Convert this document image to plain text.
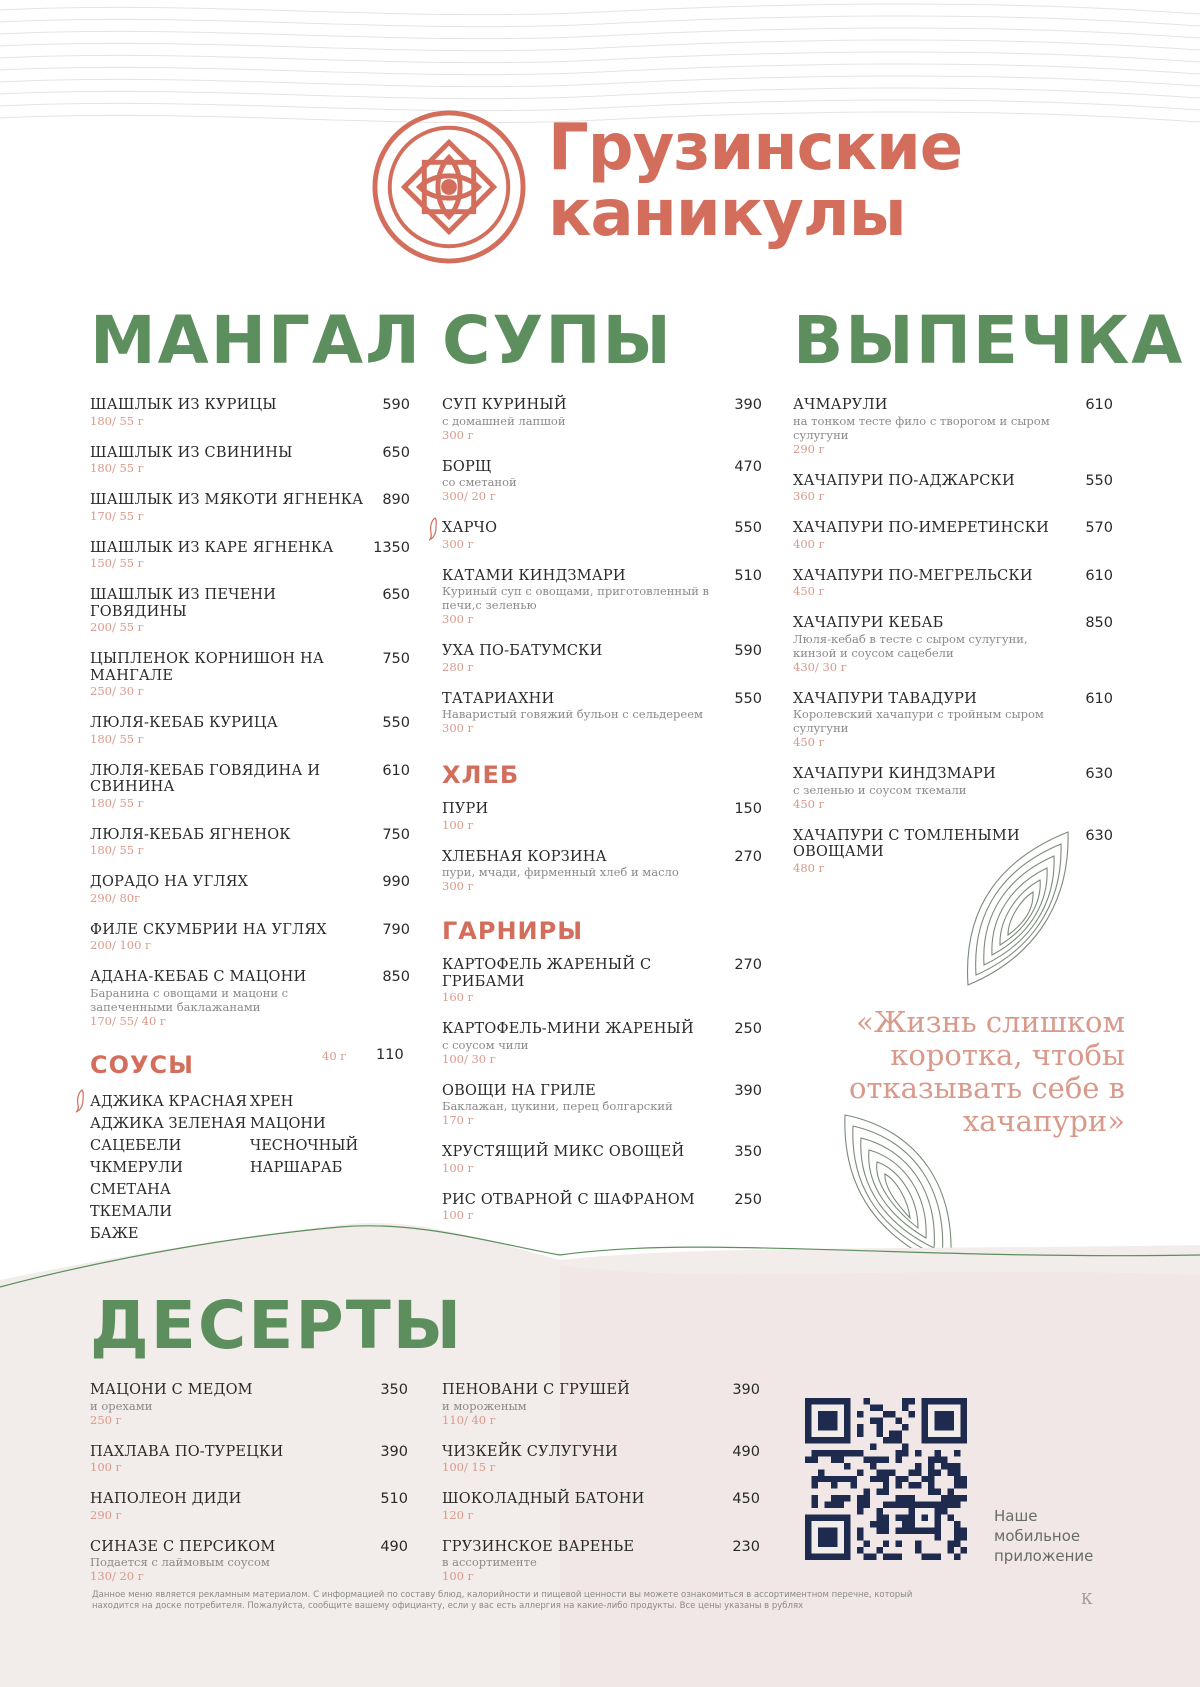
Грузинские
каникулы
МАНГАЛ
ШАШЛЫК ИЗ КУРИЦЫ
180/ 55 г
590
ШАШЛЫК ИЗ СВИНИНЫ
180/ 55 г
650
ШАШЛЫК ИЗ МЯКОТИ ЯГНЕНКА
170/ 55 г
890
ШАШЛЫК ИЗ КАРЕ ЯГНЕНКА
150/ 55 г
1350
ШАШЛЫК ИЗ ПЕЧЕНИ ГОВЯДИНЫ
200/ 55 г
650
ЦЫПЛЕНОК КОРНИШОН НА МАНГАЛЕ
250/ 30 г
750
ЛЮЛЯ-КЕБАБ КУРИЦА
180/ 55 г
550
ЛЮЛЯ-КЕБАБ ГОВЯДИНА И СВИНИНА
180/ 55 г
610
ЛЮЛЯ-КЕБАБ ЯГНЕНОК
180/ 55 г
750
ДОРАДО НА УГЛЯХ
290/ 80г
990
ФИЛЕ СКУМБРИИ НА УГЛЯХ
200/ 100 г
790
АДАНА-КЕБАБ С МАЦОНИ
Баранина с овощами и мацони с запеченными баклажанами
170/ 55/ 40 г
850
СОУСЫ	40 г 110
АДЖИКА КРАСНАЯ
АДЖИКА ЗЕЛЕНАЯ
САЦЕБЕЛИ
ЧКМЕРУЛИ
СМЕТАНА
ТКЕМАЛИ
БАЖЕ
ХРЕН
МАЦОНИ
ЧЕСНОЧНЫЙ
НАРШАРАБ
СУПЫ
СУП КУРИНЫЙ
с домашней лапшой
300 г
390
БОРЩ
со сметаной
300/ 20 г
470
ХАРЧО
300 г
550
КАТАМИ КИНДЗМАРИ
Куриный суп с овощами, приготовленный в печи,с зеленью
300 г
510
УХА ПО-БАТУМСКИ
280 г
590
ТАТАРИАХНИ
Наваристый говяжий бульон с сельдереем
300 г
550
ХЛЕБ
ПУРИ
100 г
150
ХЛЕБНАЯ КОРЗИНА
пури, мчади, фирменный хлеб и масло
300 г
270
ГАРНИРЫ
КАРТОФЕЛЬ ЖАРЕНЫЙ С ГРИБАМИ
160 г
270
КАРТОФЕЛЬ-МИНИ ЖАРЕНЫЙ
с соусом чили
100/ 30 г
250
ОВОЩИ НА ГРИЛЕ
Баклажан, цукини, перец болгарский
170 г
390
ХРУСТЯЩИЙ МИКС ОВОЩЕЙ
100 г
350
РИС ОТВАРНОЙ С ШАФРАНОМ
100 г
250
ВЫПЕЧКА
АЧМАРУЛИ
на тонком тесте фило с творогом и сыром сулугуни
290 г
610
ХАЧАПУРИ ПО-АДЖАРСКИ
360 г
550
ХАЧАПУРИ ПО-ИМЕРЕТИНСКИ
400 г
570
ХАЧАПУРИ ПО-МЕГРЕЛЬСКИ
450 г
610
ХАЧАПУРИ КЕБАБ
Люля-кебаб в тесте с сыром сулугуни, кинзой и соусом сацебели
430/ 30 г
850
ХАЧАПУРИ ТАВАДУРИ
Королевский хачапури с тройным сыром сулугуни
450 г
610
ХАЧАПУРИ КИНДЗМАРИ
с зеленью и соусом ткемали
450 г
630
ХАЧАПУРИ С ТОМЛЕНЫМИ ОВОЩАМИ
480 г
630
«Жизнь слишком коротка, чтобы отказывать себе в хачапури»
ДЕСЕРТЫ
МАЦОНИ С МЕДОМ
и орехами
250 г
350
ПАХЛАВА ПО-ТУРЕЦКИ
100 г
390
НАПОЛЕОН ДИДИ
290 г
510
СИНАЗЕ С ПЕРСИКОМ
Подается с лаймовым соусом
130/ 20 г
490
ПЕНОВАНИ С ГРУШЕЙ
и мороженым
110/ 40 г
390
ЧИЗКЕЙК СУЛУГУНИ
100/ 15 г
490
ШОКОЛАДНЫЙ БАТОНИ
120 г
450
ГРУЗИНСКОЕ ВАРЕНЬЕ
в ассортименте
100 г
230
Наше мобильное приложение
Данное меню является рекламным материалом. С информацией по составу блюд, калорийности и пищевой ценности вы можете ознакомиться в ассортиментном перечне, который находится на доске потребителя. Пожалуйста, сообщите вашему официанту, если у вас есть аллергия на какие-либо продукты. Все цены указаны в рублях	К
